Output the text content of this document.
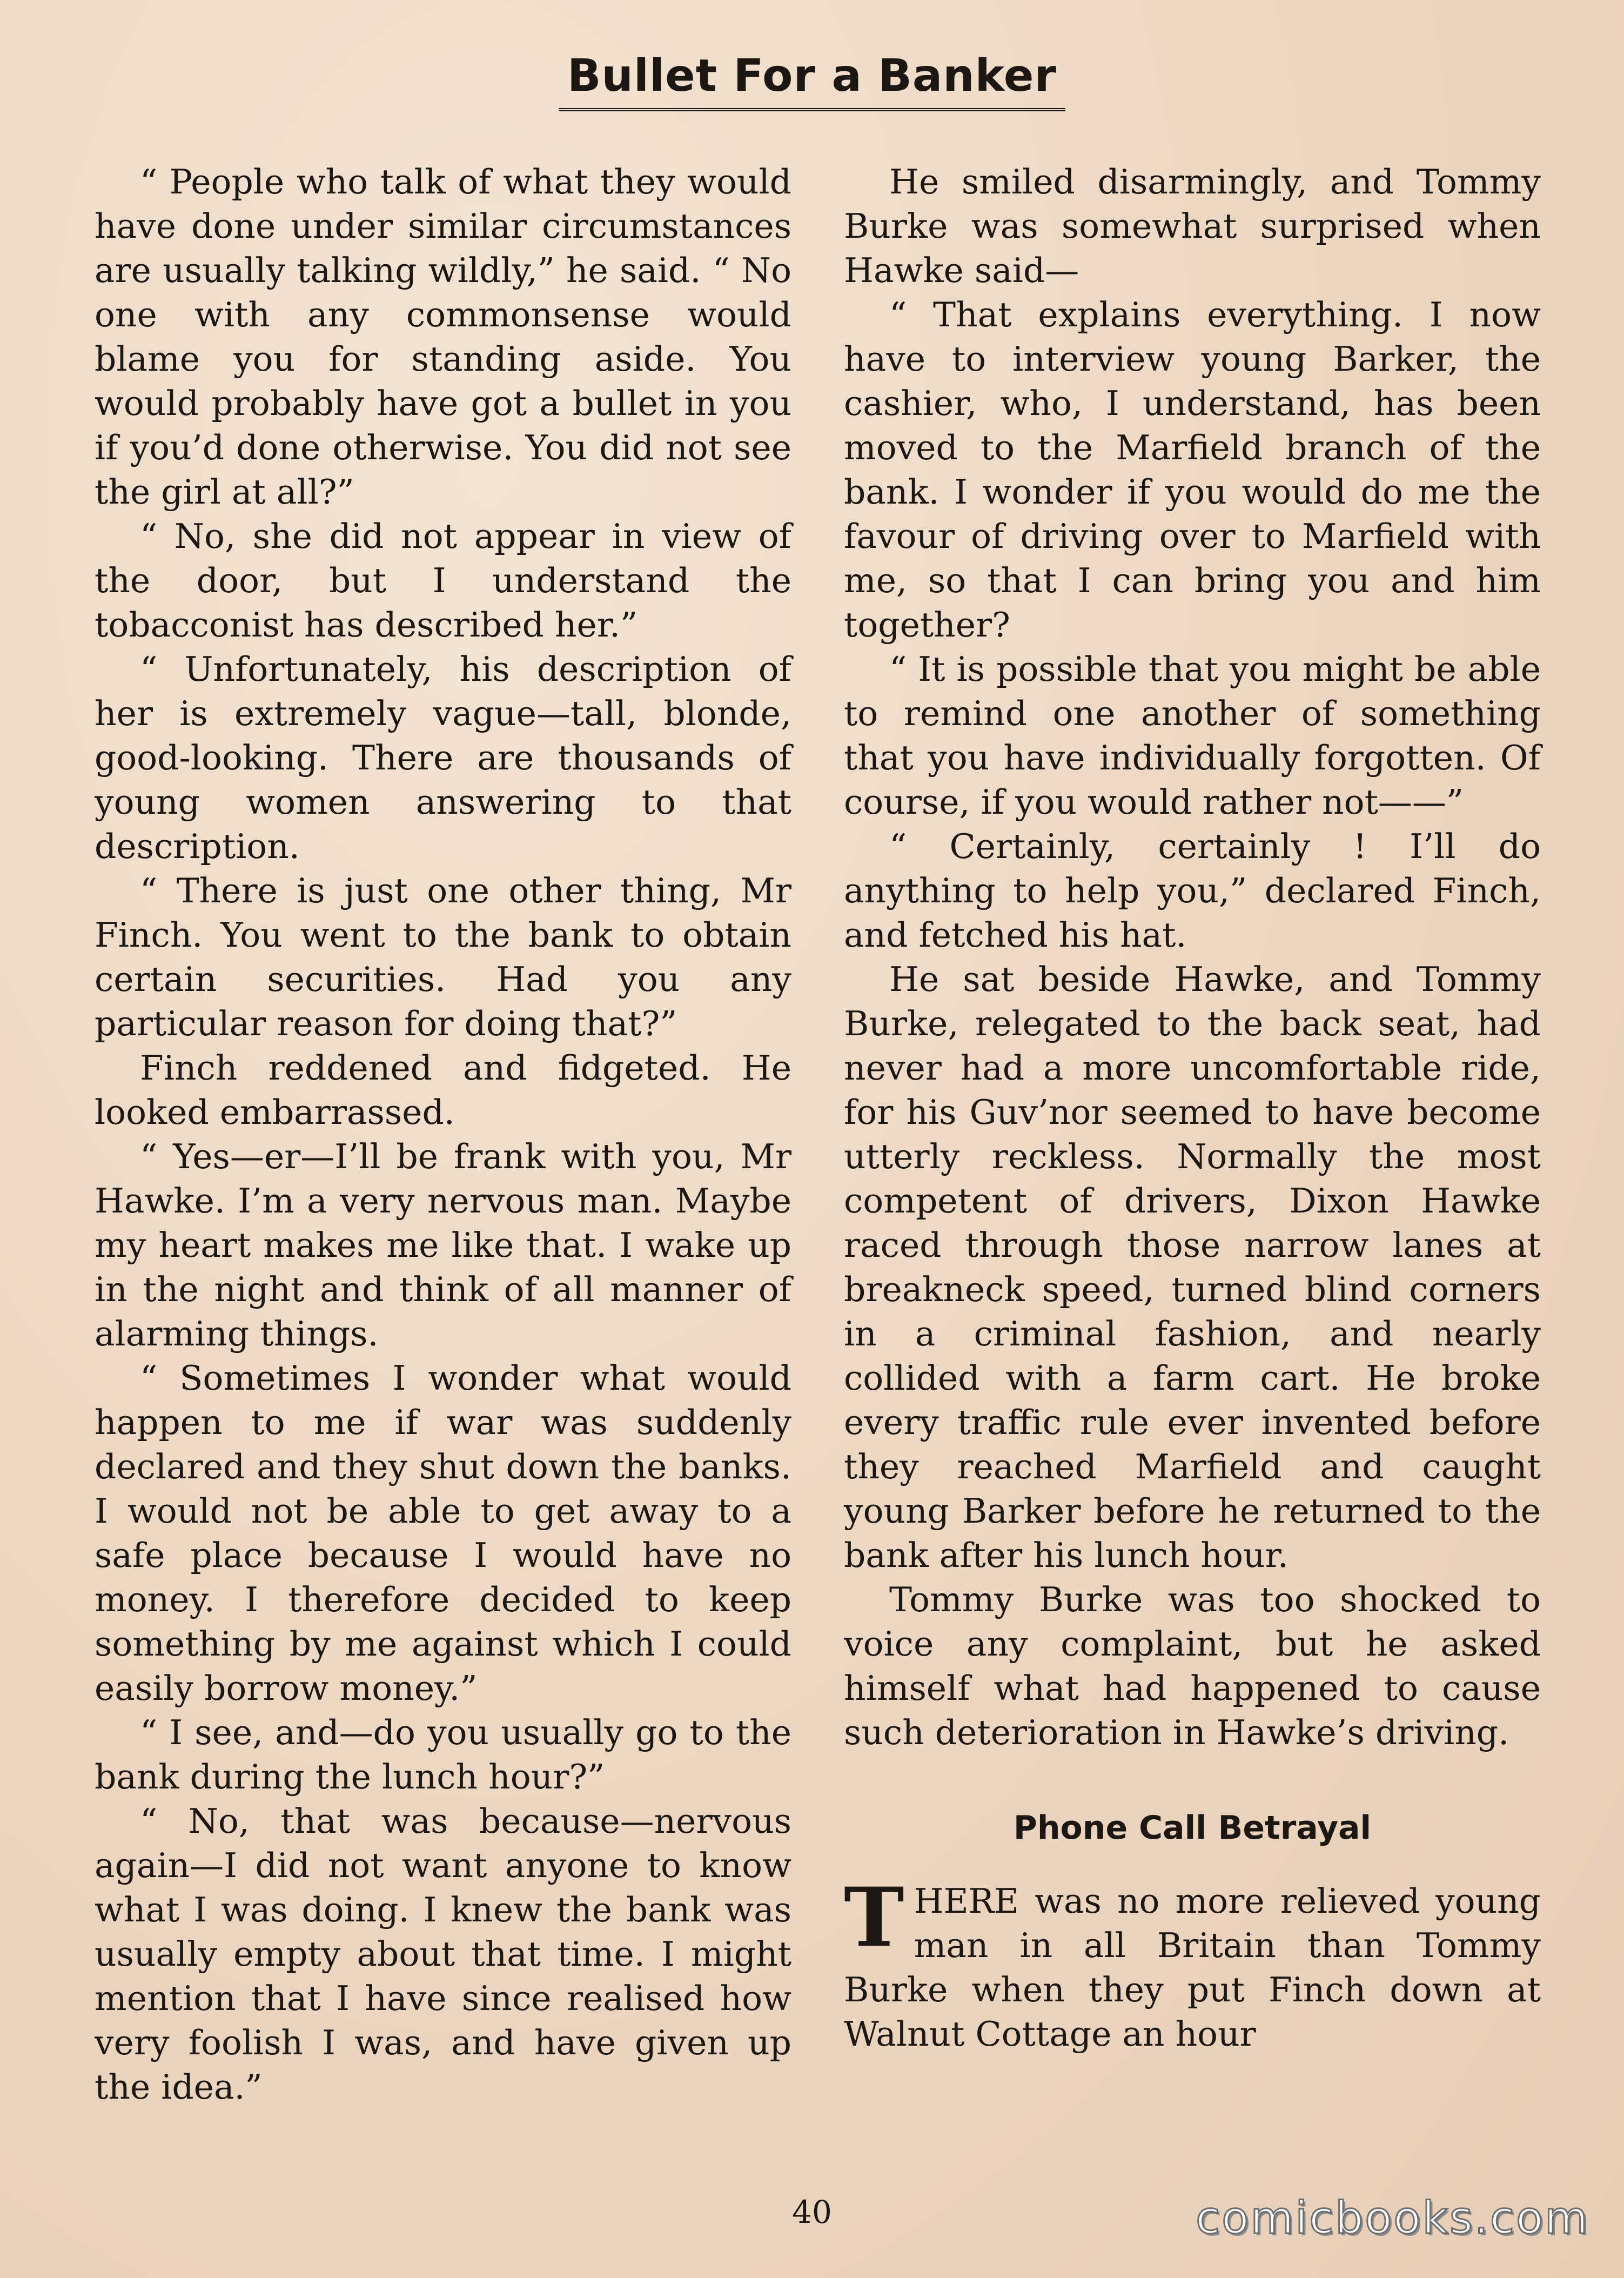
Bullet For a Banker

“ People who talk of what they would have done under similar circumstances are usually talking wildly,” he said. “ No one with any commonsense would blame you for standing aside. You would probably have got a bullet in you if you’d done otherwise. You did not see the girl at all?”

“ No, she did not appear in view of the door, but I understand the tobacconist has described her.”

“ Unfortunately, his description of her is extremely vague—tall, blonde, good-looking. There are thousands of young women answering to that description.

“ There is just one other thing, Mr Finch. You went to the bank to obtain certain securities. Had you any particular reason for doing that?”

Finch reddened and fidgeted. He looked embarrassed.

“ Yes—er—I’ll be frank with you, Mr Hawke. I’m a very nervous man. Maybe my heart makes me like that. I wake up in the night and think of all manner of alarming things.

“ Sometimes I wonder what would happen to me if war was suddenly declared and they shut down the banks. I would not be able to get away to a safe place because I would have no money. I therefore decided to keep something by me against which I could easily borrow money.”

“ I see, and—do you usually go to the bank during the lunch hour?”

“ No, that was because—nervous again—I did not want anyone to know what I was doing. I knew the bank was usually empty about that time. I might mention that I have since realised how very foolish I was, and have given up the idea.”

He smiled disarmingly, and Tommy Burke was somewhat surprised when Hawke said—

“ That explains everything. I now have to interview young Barker, the cashier, who, I understand, has been moved to the Marfield branch of the bank. I wonder if you would do me the favour of driving over to Marfield with me, so that I can bring you and him together?

“ It is possible that you might be able to remind one another of something that you have individually forgotten. Of course, if you would rather not——”

“ Certainly, certainly ! I’ll do anything to help you,” declared Finch, and fetched his hat.

He sat beside Hawke, and Tommy Burke, relegated to the back seat, had never had a more uncomfortable ride, for his Guv’nor seemed to have become utterly reckless. Normally the most competent of drivers, Dixon Hawke raced through those narrow lanes at breakneck speed, turned blind corners in a criminal fashion, and nearly collided with a farm cart. He broke every traffic rule ever invented before they reached Marfield and caught young Barker before he returned to the bank after his lunch hour.

Tommy Burke was too shocked to voice any complaint, but he asked himself what had happened to cause such deterioration in Hawke’s driving.

Phone Call Betrayal

THERE was no more relieved young man in all Britain than Tommy Burke when they put Finch down at Walnut Cottage an hour

40	comicbooks.com
